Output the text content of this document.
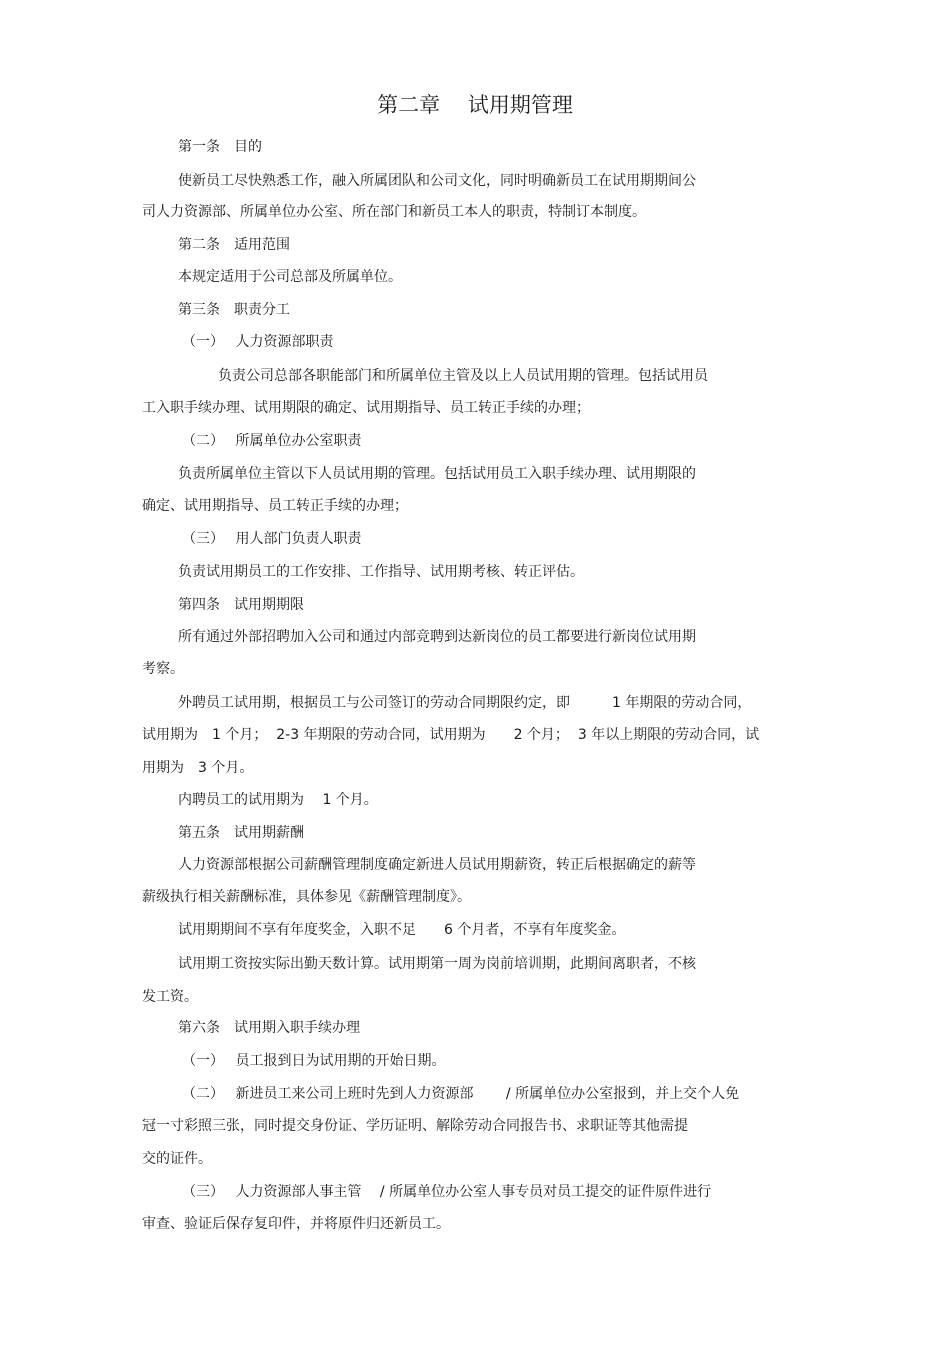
第二章　 试用期管理
第一条　目的
使新员工尽快熟悉工作，融入所属团队和公司文化，同时明确新员工在试用期期间公
司人力资源部、所属单位办公室、所在部门和新员工本人的职责，特制订本制度。
第二条　适用范围
本规定适用于公司总部及所属单位。
第三条　职责分工
（一）　 人力资源部职责
负责公司总部各职能部门和所属单位主管及以上人员试用期的管理。包括试用员
工入职手续办理、试用期限的确定、试用期指导、员工转正手续的办理；
（二）　 所属单位办公室职责
负责所属单位主管以下人员试用期的管理。包括试用员工入职手续办理、试用期限的
确定、试用期指导、员工转正手续的办理；
（三）　 用人部门负责人职责
负责试用期员工的工作安排、工作指导、试用期考核、转正评估。
第四条　试用期期限
所有通过外部招聘加入公司和通过内部竞聘到达新岗位的员工都要进行新岗位试用期
考察。
外聘员工试用期，根据员工与公司签订的劳动合同期限约定，即　　　1 年期限的劳动合同，
试用期为　1 个月；  2-3 年期限的劳动合同，试用期为　　2 个月；  3 年以上期限的劳动合同，试
用期为　3 个月。
内聘员工的试用期为　 1 个月。
第五条　试用期薪酬
人力资源部根据公司薪酬管理制度确定新进人员试用期薪资，转正后根据确定的薪等
薪级执行相关薪酬标准，具体参见《薪酬管理制度》。
试用期期间不享有年度奖金，入职不足　　6 个月者，不享有年度奖金。
试用期工资按实际出勤天数计算。试用期第一周为岗前培训期，此期间离职者，不核
发工资。
第六条　试用期入职手续办理
（一）　 员工报到日为试用期的开始日期。
（二）　 新进员工来公司上班时先到人力资源部　　 / 所属单位办公室报到，并上交个人免
冠一寸彩照三张，同时提交身份证、学历证明、解除劳动合同报告书、求职证等其他需提
交的证件。
（三）　 人力资源部人事主管　 / 所属单位办公室人事专员对员工提交的证件原件进行
审查、验证后保存复印件，并将原件归还新员工。
